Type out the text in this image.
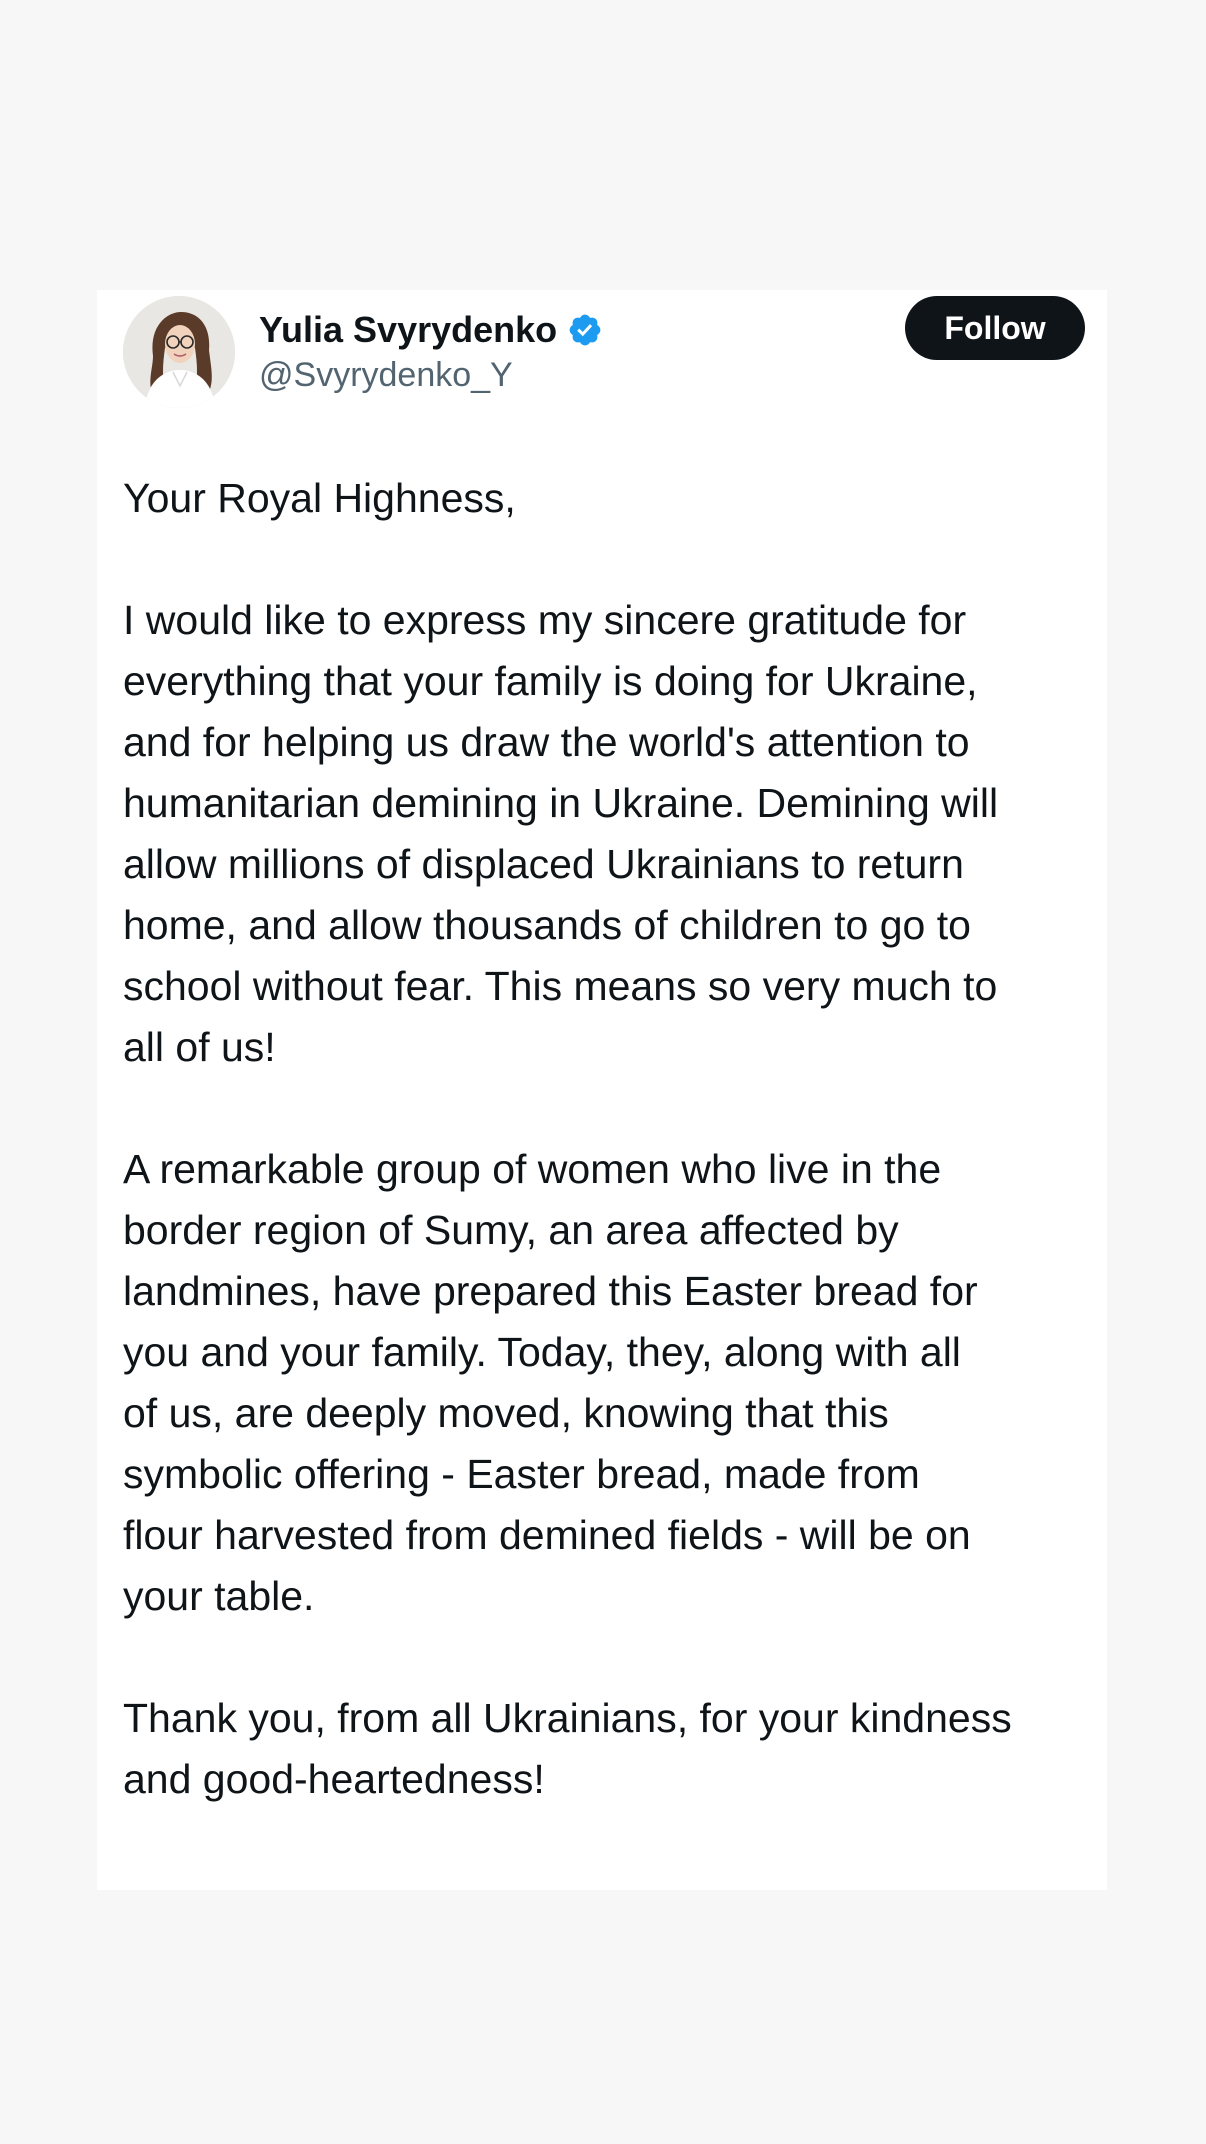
Yulia Svyrydenko
@Svyrydenko_Y
Follow

Your Royal Highness,

I would like to express my sincere gratitude for
everything that your family is doing for Ukraine,
and for helping us draw the world's attention to
humanitarian demining in Ukraine. Demining will
allow millions of displaced Ukrainians to return
home, and allow thousands of children to go to
school without fear. This means so very much to
all of us!

A remarkable group of women who live in the
border region of Sumy, an area affected by
landmines, have prepared this Easter bread for
you and your family. Today, they, along with all
of us, are deeply moved, knowing that this
symbolic offering - Easter bread, made from
flour harvested from demined fields - will be on
your table.

Thank you, from all Ukrainians, for your kindness
and good-heartedness!
